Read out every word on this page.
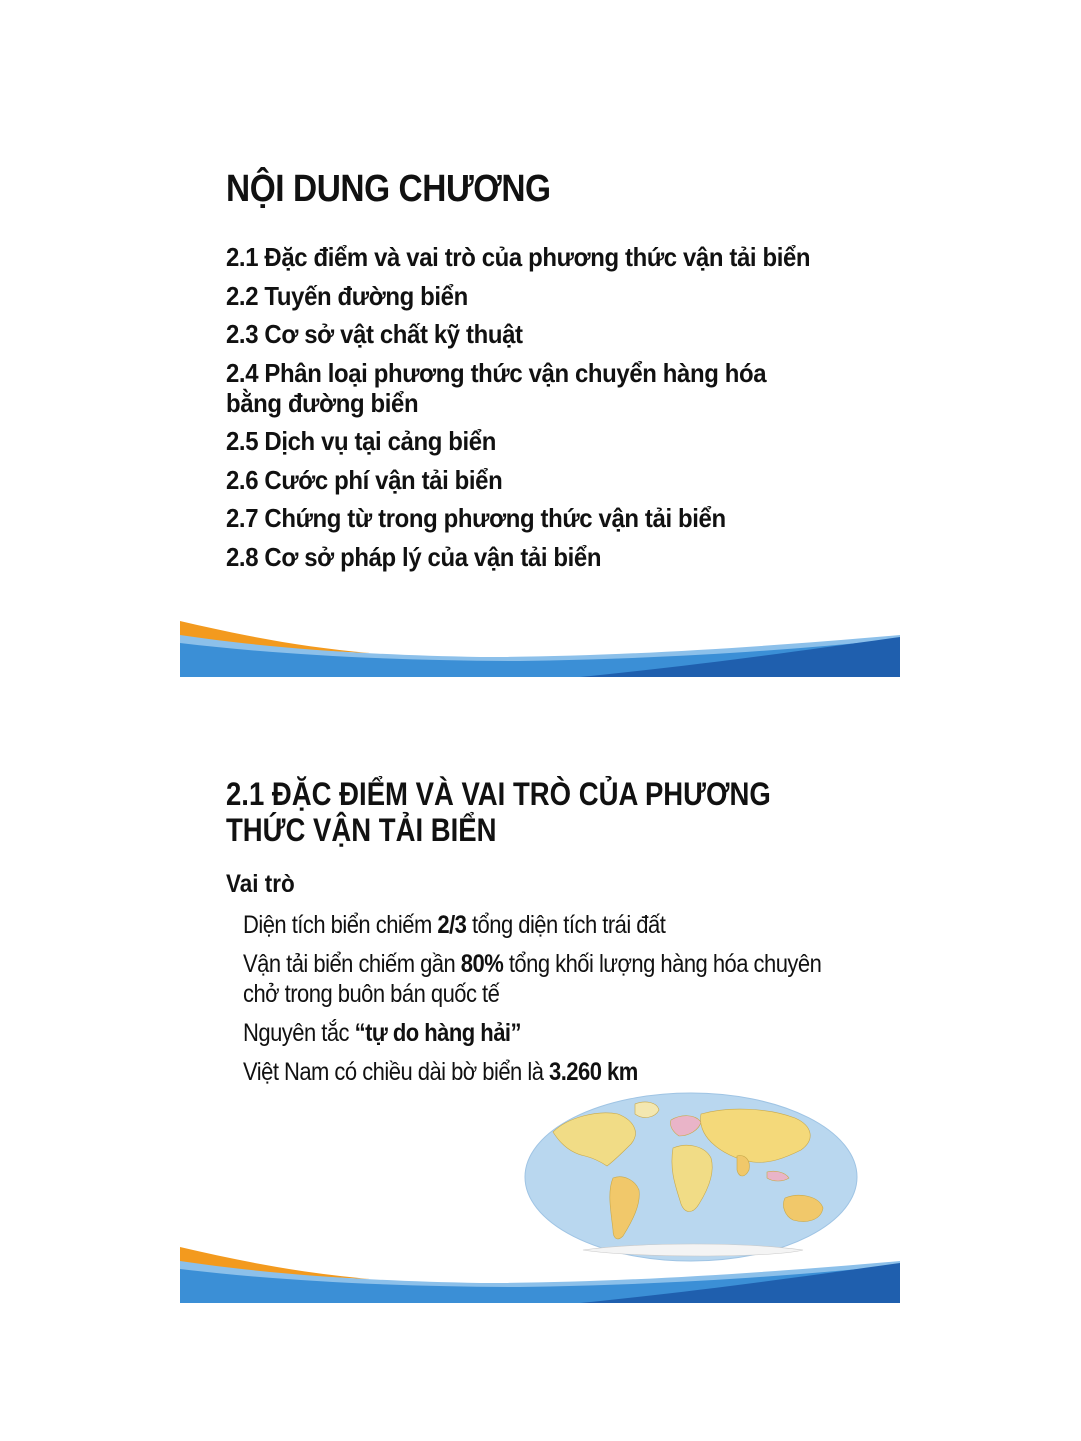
NỘI DUNG CHƯƠNG
2.1 Đặc điểm và vai trò của phương thức vận tải biển
2.2 Tuyến đường biển
2.3 Cơ sở vật chất kỹ thuật
2.4 Phân loại phương thức vận chuyển hàng hóa bằng đường biển
2.5 Dịch vụ tại cảng biển
2.6 Cước phí vận tải biển
2.7 Chứng từ trong phương thức vận tải biển
2.8 Cơ sở pháp lý của vận tải biển
2.1 ĐẶC ĐIỂM VÀ VAI TRÒ CỦA PHƯƠNG THỨC VẬN TẢI BIỂN
Vai trò
Diện tích biển chiếm 2/3 tổng diện tích trái đất
Vận tải biển chiếm gần 80% tổng khối lượng hàng hóa chuyên chở trong buôn bán quốc tế
Nguyên tắc “tự do hàng hải”
Việt Nam có chiều dài bờ biển là 3.260 km
